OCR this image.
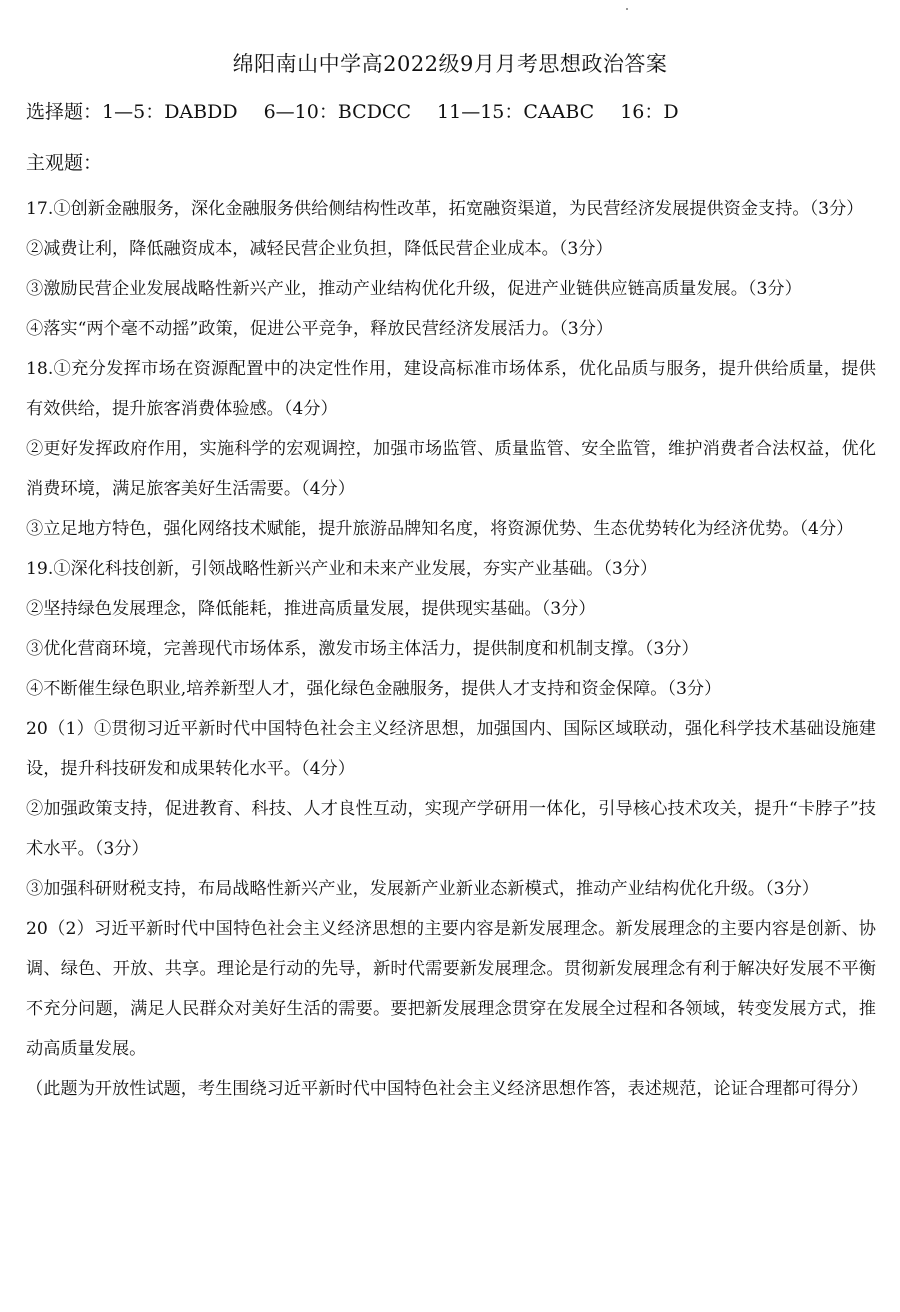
绵阳南山中学高2022级9月月考思想政治答案
选择题：1—5：DABDD 6—10：BCDCC 11—15：CAABC 16：D
主观题：

17.①创新金融服务，深化金融服务供给侧结构性改革，拓宽融资渠道，为民营经济发展提供资金支持。（3分）

②减费让利，降低融资成本，减轻民营企业负担，降低民营企业成本。（3分）

③激励民营企业发展战略性新兴产业，推动产业结构优化升级，促进产业链供应链高质量发展。（3分）

④落实“两个毫不动摇”政策，促进公平竞争，释放民营经济发展活力。（3分）

18.①充分发挥市场在资源配置中的决定性作用，建设高标准市场体系，优化品质与服务，提升供给质量，提供有效供给，提升旅客消费体验感。（4分）

②更好发挥政府作用，实施科学的宏观调控，加强市场监管、质量监管、安全监管，维护消费者合法权益，优化消费环境，满足旅客美好生活需要。（4分）

③立足地方特色，强化网络技术赋能，提升旅游品牌知名度，将资源优势、生态优势转化为经济优势。（4分）

19.①深化科技创新，引领战略性新兴产业和未来产业发展，夯实产业基础。（3分）

②坚持绿色发展理念，降低能耗，推进高质量发展，提供现实基础。（3分）

③优化营商环境，完善现代市场体系，激发市场主体活力，提供制度和机制支撑。（3分）

④不断催生绿色职业,培养新型人才，强化绿色金融服务，提供人才支持和资金保障。（3分）

20（1）①贯彻习近平新时代中国特色社会主义经济思想，加强国内、国际区域联动，强化科学技术基础设施建设，提升科技研发和成果转化水平。（4分）

②加强政策支持，促进教育、科技、人才良性互动，实现产学研用一体化，引导核心技术攻关，提升“卡脖子”技术水平。（3分）

③加强科研财税支持，布局战略性新兴产业，发展新产业新业态新模式，推动产业结构优化升级。（3分）

20（2）习近平新时代中国特色社会主义经济思想的主要内容是新发展理念。新发展理念的主要内容是创新、协调、绿色、开放、共享。理论是行动的先导，新时代需要新发展理念。贯彻新发展理念有利于解决好发展不平衡不充分问题，满足人民群众对美好生活的需要。要把新发展理念贯穿在发展全过程和各领域，转变发展方式，推动高质量发展。

（此题为开放性试题，考生围绕习近平新时代中国特色社会主义经济思想作答，表述规范，论证合理都可得分）
